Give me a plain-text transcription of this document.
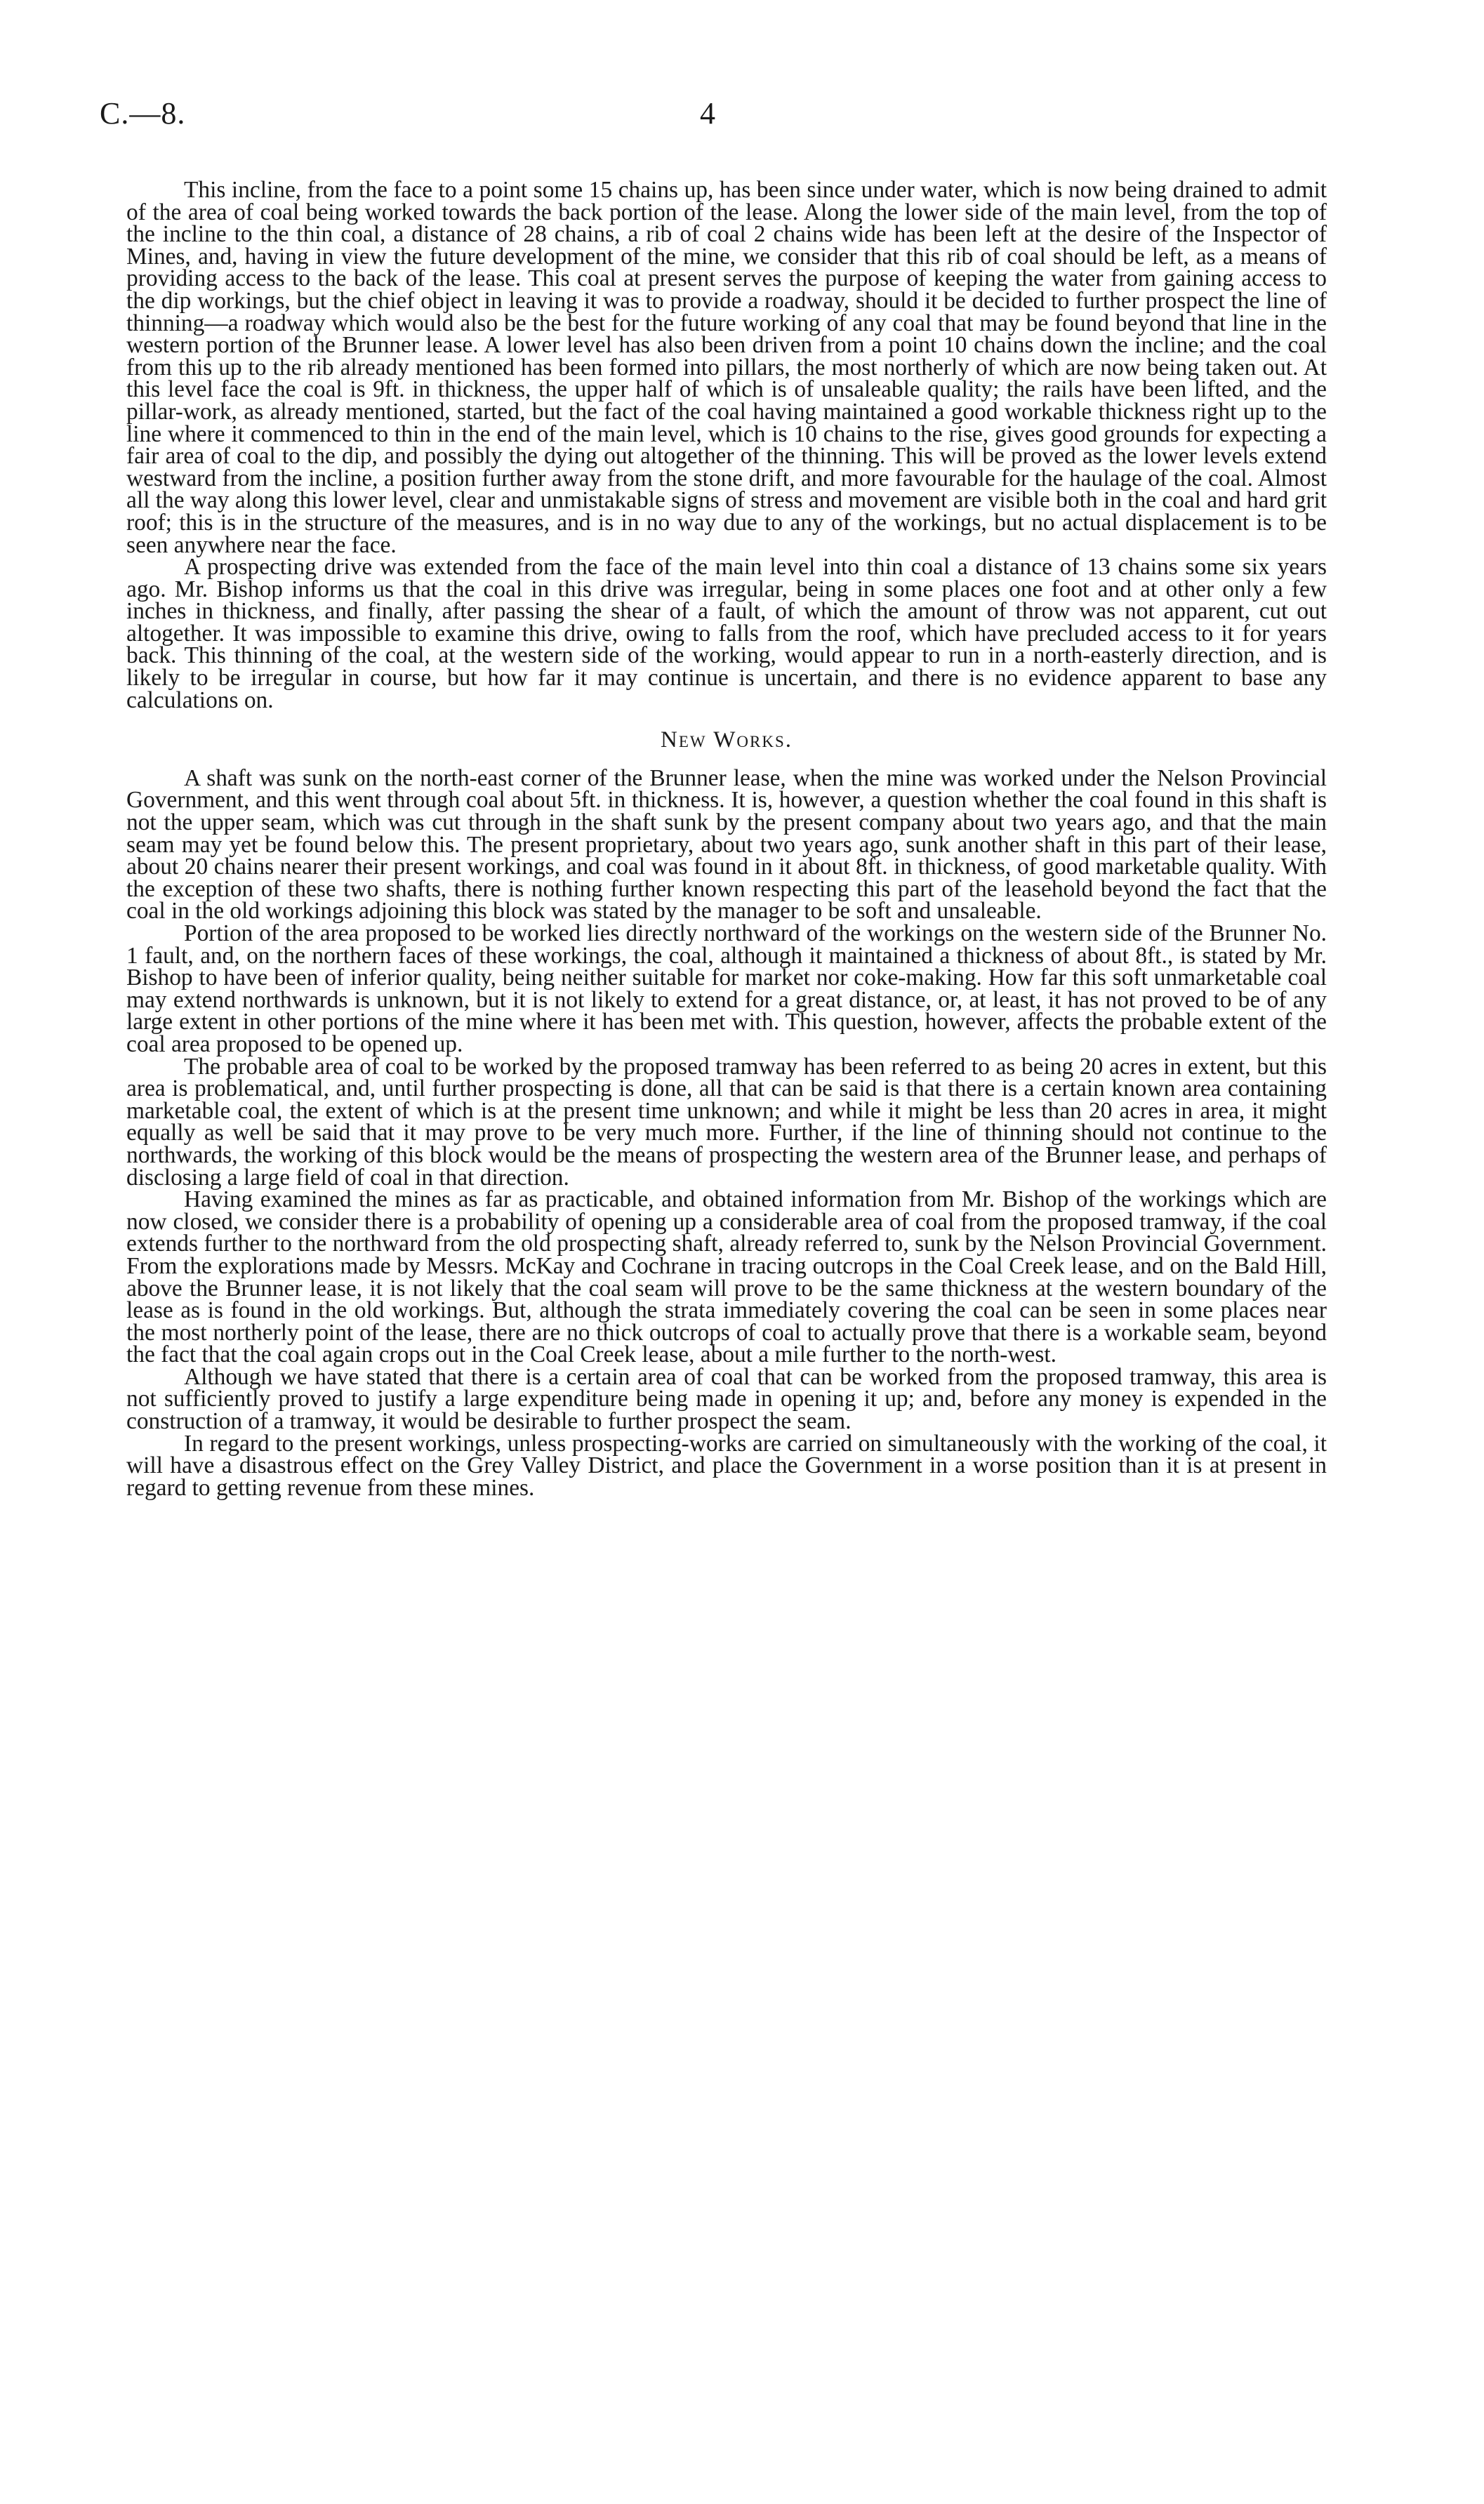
C.—8.	4

This incline, from the face to a point some 15 chains up, has been since under water, which is now being drained to admit of the area of coal being worked towards the back portion of the lease. Along the lower side of the main level, from the top of the incline to the thin coal, a distance of 28 chains, a rib of coal 2 chains wide has been left at the desire of the Inspector of Mines, and, having in view the future development of the mine, we consider that this rib of coal should be left, as a means of providing access to the back of the lease. This coal at present serves the purpose of keeping the water from gaining access to the dip workings, but the chief object in leaving it was to provide a roadway, should it be decided to further prospect the line of thinning—a roadway which would also be the best for the future working of any coal that may be found beyond that line in the western portion of the Brunner lease. A lower level has also been driven from a point 10 chains down the incline; and the coal from this up to the rib already mentioned has been formed into pillars, the most northerly of which are now being taken out. At this level face the coal is 9ft. in thickness, the upper half of which is of unsaleable quality; the rails have been lifted, and the pillar-work, as already mentioned, started, but the fact of the coal having maintained a good workable thickness right up to the line where it commenced to thin in the end of the main level, which is 10 chains to the rise, gives good grounds for expecting a fair area of coal to the dip, and possibly the dying out altogether of the thinning. This will be proved as the lower levels extend westward from the incline, a position further away from the stone drift, and more favourable for the haulage of the coal. Almost all the way along this lower level, clear and unmistakable signs of stress and movement are visible both in the coal and hard grit roof; this is in the structure of the measures, and is in no way due to any of the workings, but no actual displacement is to be seen anywhere near the face.

A prospecting drive was extended from the face of the main level into thin coal a distance of 13 chains some six years ago. Mr. Bishop informs us that the coal in this drive was irregular, being in some places one foot and at other only a few inches in thickness, and finally, after passing the shear of a fault, of which the amount of throw was not apparent, cut out altogether. It was impossible to examine this drive, owing to falls from the roof, which have precluded access to it for years back. This thinning of the coal, at the western side of the working, would appear to run in a north-easterly direction, and is likely to be irregular in course, but how far it may continue is uncertain, and there is no evidence apparent to base any calculations on.

New Works.

A shaft was sunk on the north-east corner of the Brunner lease, when the mine was worked under the Nelson Provincial Government, and this went through coal about 5ft. in thickness. It is, however, a question whether the coal found in this shaft is not the upper seam, which was cut through in the shaft sunk by the present company about two years ago, and that the main seam may yet be found below this. The present proprietary, about two years ago, sunk another shaft in this part of their lease, about 20 chains nearer their present workings, and coal was found in it about 8ft. in thickness, of good marketable quality. With the exception of these two shafts, there is nothing further known respecting this part of the leasehold beyond the fact that the coal in the old workings adjoining this block was stated by the manager to be soft and unsaleable.

Portion of the area proposed to be worked lies directly northward of the workings on the western side of the Brunner No. 1 fault, and, on the northern faces of these workings, the coal, although it maintained a thickness of about 8ft., is stated by Mr. Bishop to have been of inferior quality, being neither suitable for market nor coke-making. How far this soft unmarketable coal may extend northwards is unknown, but it is not likely to extend for a great distance, or, at least, it has not proved to be of any large extent in other portions of the mine where it has been met with. This question, however, affects the probable extent of the coal area proposed to be opened up.

The probable area of coal to be worked by the proposed tramway has been referred to as being 20 acres in extent, but this area is problematical, and, until further prospecting is done, all that can be said is that there is a certain known area containing marketable coal, the extent of which is at the present time unknown; and while it might be less than 20 acres in area, it might equally as well be said that it may prove to be very much more. Further, if the line of thinning should not continue to the northwards, the working of this block would be the means of prospecting the western area of the Brunner lease, and perhaps of disclosing a large field of coal in that direction.

Having examined the mines as far as practicable, and obtained information from Mr. Bishop of the workings which are now closed, we consider there is a probability of opening up a considerable area of coal from the proposed tramway, if the coal extends further to the northward from the old prospecting shaft, already referred to, sunk by the Nelson Provincial Government. From the explorations made by Messrs. McKay and Cochrane in tracing outcrops in the Coal Creek lease, and on the Bald Hill, above the Brunner lease, it is not likely that the coal seam will prove to be the same thickness at the western boundary of the lease as is found in the old workings. But, although the strata immediately covering the coal can be seen in some places near the most northerly point of the lease, there are no thick outcrops of coal to actually prove that there is a workable seam, beyond the fact that the coal again crops out in the Coal Creek lease, about a mile further to the north-west.

Although we have stated that there is a certain area of coal that can be worked from the proposed tramway, this area is not sufficiently proved to justify a large expenditure being made in opening it up; and, before any money is expended in the construction of a tramway, it would be desirable to further prospect the seam.

In regard to the present workings, unless prospecting-works are carried on simultaneously with the working of the coal, it will have a disastrous effect on the Grey Valley District, and place the Government in a worse position than it is at present in regard to getting revenue from these mines.
